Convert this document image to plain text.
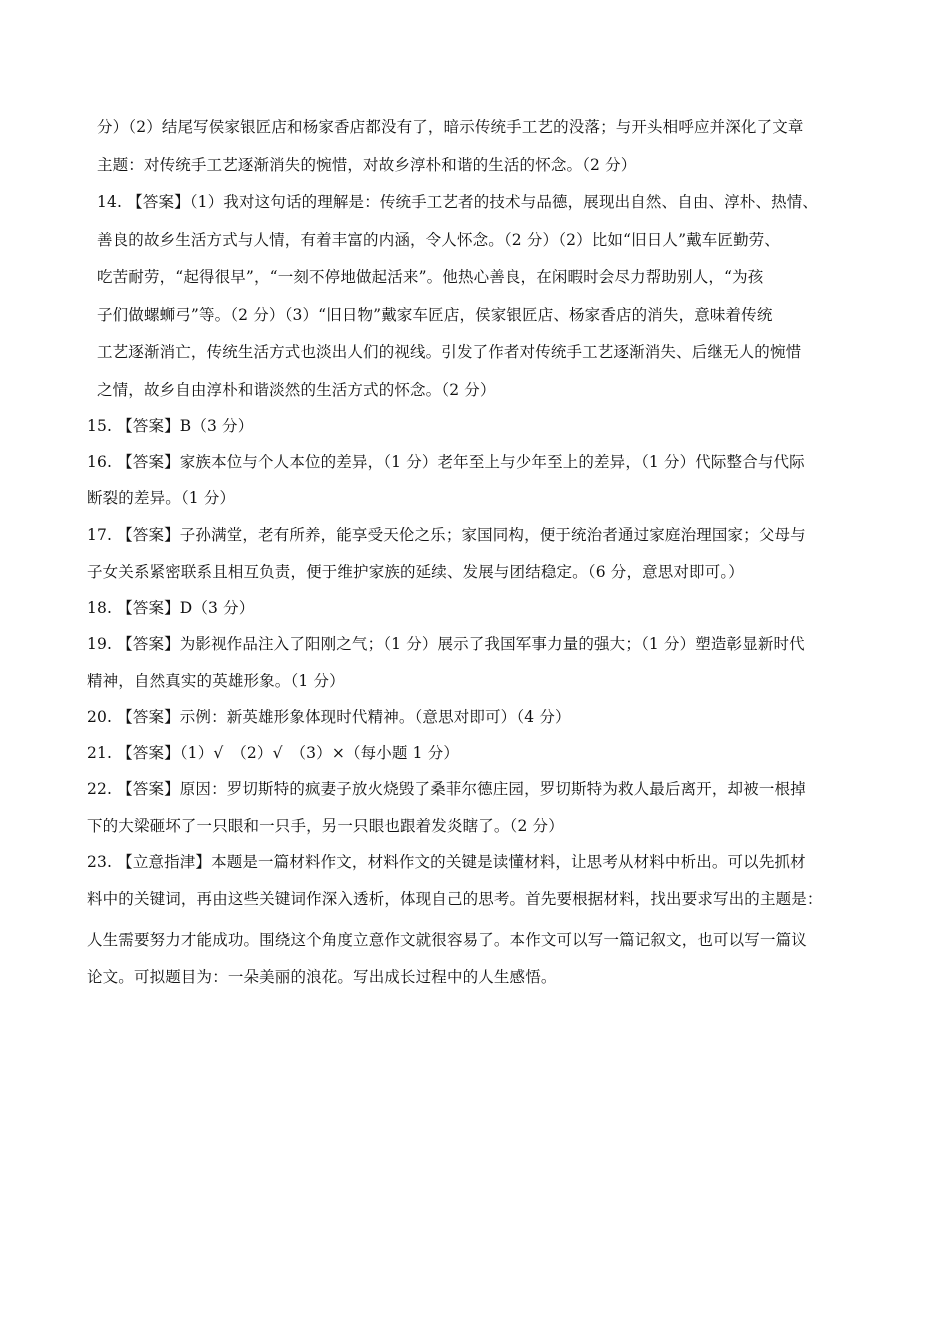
分）（2）结尾写侯家银匠店和杨家香店都没有了，暗示传统手工艺的没落；与开头相呼应并深化了文章
主题：对传统手工艺逐渐消失的惋惜，对故乡淳朴和谐的生活的怀念。（2 分）
14. 【答案】（1）我对这句话的理解是：传统手工艺者的技术与品德，展现出自然、自由、淳朴、热情、
善良的故乡生活方式与人情，有着丰富的内涵，令人怀念。（2 分）（2）比如“旧日人”戴车匠勤劳、
吃苦耐劳，“起得很早”，“一刻不停地做起活来”。他热心善良，在闲暇时会尽力帮助别人，“为孩
子们做螺蛳弓”等。（2 分）（3）“旧日物”戴家车匠店，侯家银匠店、杨家香店的消失，意味着传统
工艺逐渐消亡，传统生活方式也淡出人们的视线。引发了作者对传统手工艺逐渐消失、后继无人的惋惜
之情，故乡自由淳朴和谐淡然的生活方式的怀念。（2 分）
15. 【答案】B（3 分）
16. 【答案】家族本位与个人本位的差异，（1 分）老年至上与少年至上的差异，（1 分）代际整合与代际
断裂的差异。（1 分）
17. 【答案】子孙满堂，老有所养，能享受天伦之乐；家国同构，便于统治者通过家庭治理国家；父母与
子女关系紧密联系且相互负责，便于维护家族的延续、发展与团结稳定。（6 分，意思对即可。）
18. 【答案】D（3 分）
19. 【答案】为影视作品注入了阳刚之气；（1 分）展示了我国军事力量的强大；（1 分）塑造彰显新时代
精神，自然真实的英雄形象。（1 分）
20. 【答案】示例：新英雄形象体现时代精神。（意思对即可）（4 分）
21. 【答案】（1）√　（2）√　（3）×（每小题 1 分）
22. 【答案】原因：罗切斯特的疯妻子放火烧毁了桑菲尔德庄园，罗切斯特为救人最后离开，却被一根掉
下的大梁砸坏了一只眼和一只手，另一只眼也跟着发炎瞎了。（2 分）
23. 【立意指津】本题是一篇材料作文，材料作文的关键是读懂材料，让思考从材料中析出。可以先抓材
料中的关键词，再由这些关键词作深入透析，体现自己的思考。首先要根据材料，找出要求写出的主题是：
人生需要努力才能成功。围绕这个角度立意作文就很容易了。本作文可以写一篇记叙文，也可以写一篇议
论文。可拟题目为：一朵美丽的浪花。写出成长过程中的人生感悟。
